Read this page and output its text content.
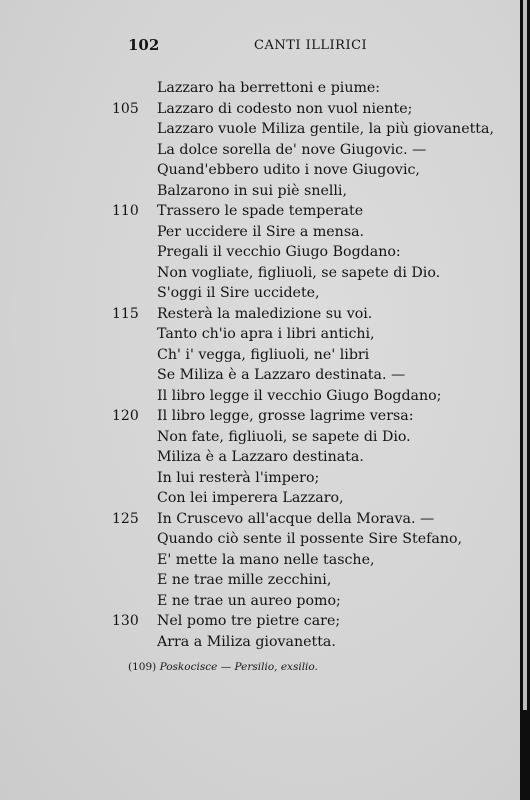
102	CANTI ILLIRICI
Lazzaro ha berrettoni e piume:
105	Lazzaro di codesto non vuol niente;
Lazzaro vuole Miliza gentile, la più giovanetta,
La dolce sorella de' nove Giugovic. —
Quand'ebbero udito i nove Giugovic,
Balzarono in sui piè snelli,
110	Trassero le spade temperate
Per uccidere il Sire a mensa.
Pregali il vecchio Giugo Bogdano:
Non vogliate, figliuoli, se sapete di Dio.
S'oggi il Sire uccidete,
115	Resterà la maledizione su voi.
Tanto ch'io apra i libri antichi,
Ch' i' vegga, figliuoli, ne' libri
Se Miliza è a Lazzaro destinata. —
Il libro legge il vecchio Giugo Bogdano;
120	Il libro legge, grosse lagrime versa:
Non fate, figliuoli, se sapete di Dio.
Miliza è a Lazzaro destinata.
In lui resterà l'impero;
Con lei imperera Lazzaro,
125	In Cruscevo all'acque della Morava. —
Quando ciò sente il possente Sire Stefano,
E' mette la mano nelle tasche,
E ne trae mille zecchini,
E ne trae un aureo pomo;
130	Nel pomo tre pietre care;
Arra a Miliza giovanetta.
(109) Poskocisce — Persilio, exsilio.
